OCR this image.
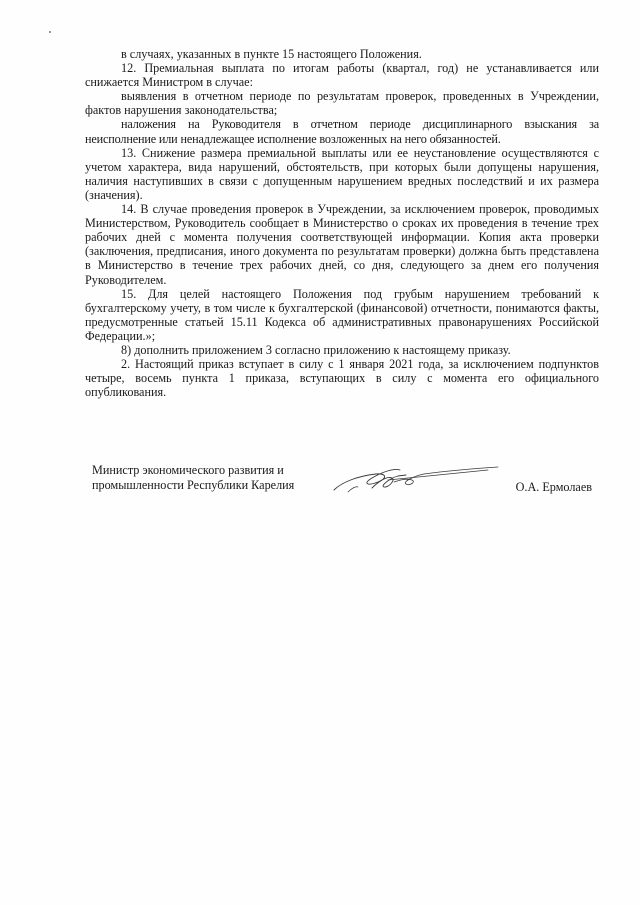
в случаях, указанных в пункте 15 настоящего Положения.

12. Премиальная выплата по итогам работы (квартал, год) не устанавливается или снижается Министром в случае:

выявления в отчетном периоде по результатам проверок, проведенных в Учреждении, фактов нарушения законодательства;

наложения на Руководителя в отчетном периоде дисциплинарного взыскания за неисполнение или ненадлежащее исполнение возложенных на него обязанностей.

13. Снижение размера премиальной выплаты или ее неустановление осуществляются с учетом характера, вида нарушений, обстоятельств, при которых были допущены нарушения, наличия наступивших в связи с допущенным нарушением вредных последствий и их размера (значения).

14. В случае проведения проверок в Учреждении, за исключением проверок, проводимых Министерством, Руководитель сообщает в Министерство о сроках их проведения в течение трех рабочих дней с момента получения соответствующей информации. Копия акта проверки (заключения, предписания, иного документа по результатам проверки) должна быть представлена в Министерство в течение трех рабочих дней, со дня, следующего за днем его получения Руководителем.

15. Для целей настоящего Положения под грубым нарушением требований к бухгалтерскому учету, в том числе к бухгалтерской (финансовой) отчетности, понимаются факты, предусмотренные статьей 15.11 Кодекса об административных правонарушениях Российской Федерации.»;

8) дополнить приложением 3 согласно приложению к настоящему приказу.

2. Настоящий приказ вступает в силу с 1 января 2021 года, за исключением подпунктов четыре, восемь пункта 1 приказа, вступающих в силу с момента его официального опубликования.

Министр экономического развития и
промышленности Республики Карелия	О.А. Ермолаев
